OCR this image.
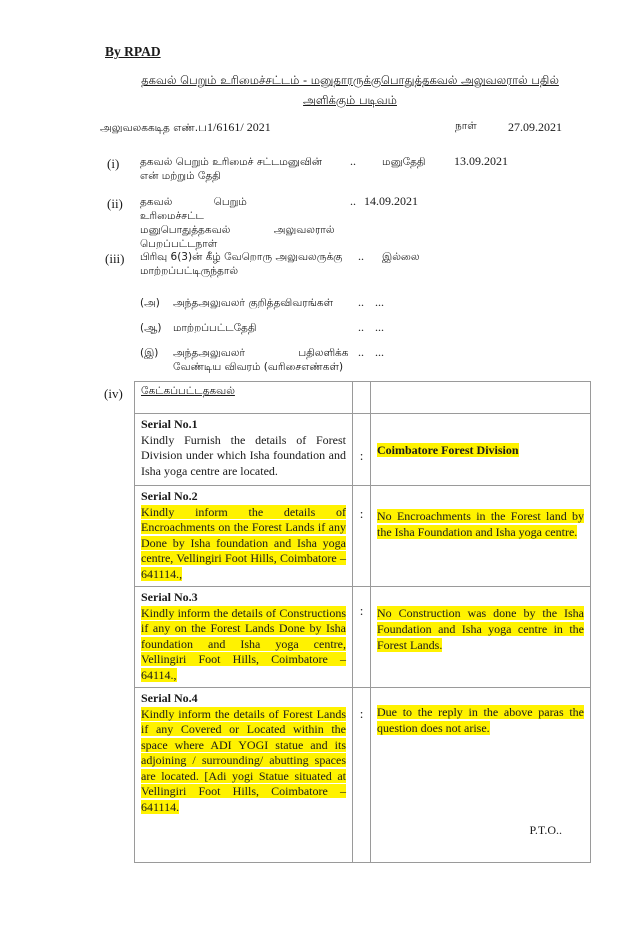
By RPAD
தகவல் பெறும் உரிமைச்சட்டம் - மனுதாரருக்குபொதுத்தகவல் அலுவலரால் பதில்
அளிக்கும் படிவம்
அலுவலககடித எண்.ப1/6161/ 2021	நாள்	27.09.2021
(i) தகவல் பெறும் உரிமைச் சட்டமனுவின்
என் மற்றும் தேதி
.. மனுதேதி 13.09.2021
(ii) தகவல் பெறும் உரிமைச்சட்ட
மனுபொதுத்தகவல் அலுவலரால்
பெறப்பட்டநாள்
.. 14.09.2021
(iii) பிரிவு 6(3)ன் கீழ் வேறொரு அலுவலருக்கு
மாற்றப்பட்டிருந்தால்
.. இல்லை
(அ) அந்தஅலுவலர் குறித்தவிவரங்கள் .. ...
(ஆ) மாற்றப்பட்டதேதி	.. ...
(இ) அந்தஅலுவலர் பதிலளிக்க
வேண்டிய விவரம் (வரிசைஎண்கள்)
.. ...
(iv) கேட்கப்பட்டதகவல்		

Serial No.1
Kindly Furnish the details of Forest Division under which Isha foundation and Isha yoga centre are located.	:	Coimbatore Forest Division

Serial No.2
Kindly inform the details of Encroachments on the Forest Lands if any Done by Isha foundation and Isha yoga centre, Vellingiri Foot Hills, Coimbatore – 641114.,	:	No Encroachments in the Forest land by the Isha Foundation and Isha yoga centre.

Serial No.3
Kindly inform the details of Constructions if any on the Forest Lands Done by Isha foundation and Isha yoga centre, Vellingiri Foot Hills, Coimbatore – 64114.,	:	No Construction was done by the Isha Foundation and Isha yoga centre in the Forest Lands.

Serial No.4
Kindly inform the details of Forest Lands if any Covered or Located within the space where ADI YOGI statue and its adjoining / surrounding/ abutting spaces are located. [Adi yogi Statue situated at Vellingiri Foot Hills, Coimbatore – 641114.	:	Due to the reply in the above paras the question does not arise.
P.T.O..
